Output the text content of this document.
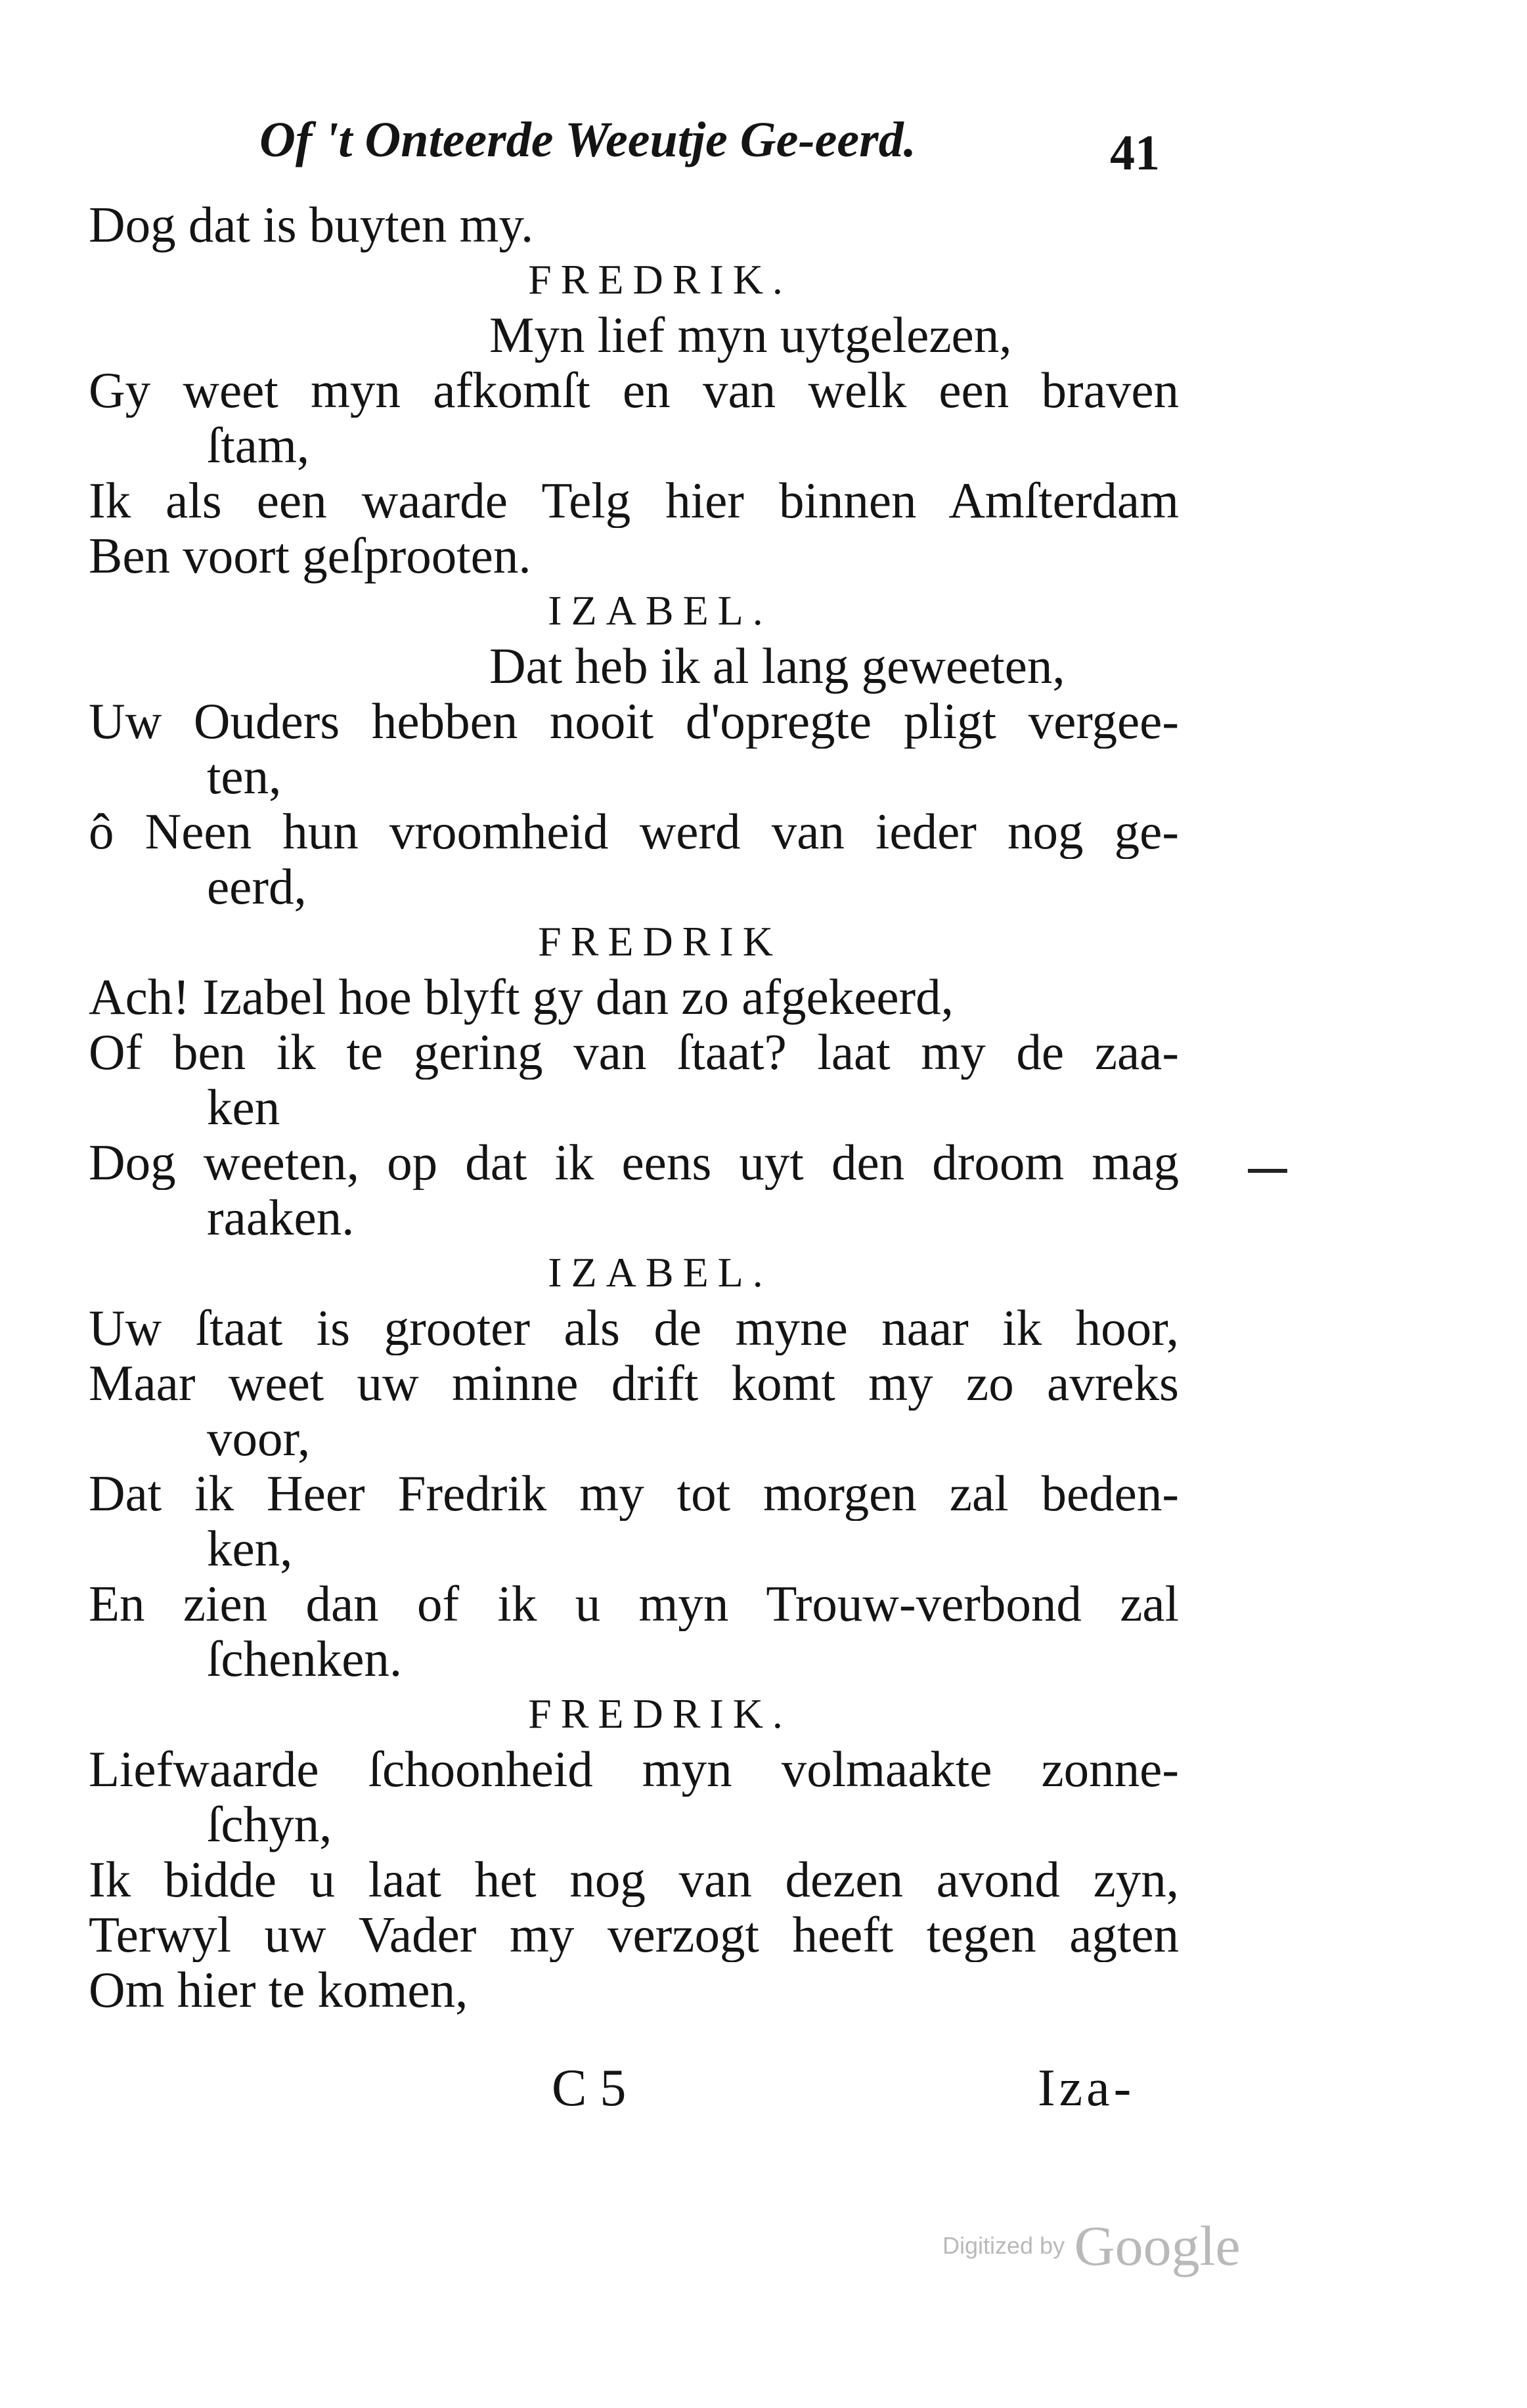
Of 't Onteerde Weeutje Ge-eerd.	41
Dog dat is buyten my.
FREDRIK.
Myn lief myn uytgelezen,
Gy weet myn afkomſt en van welk een braven
ſtam,
Ik als een waarde Telg hier binnen Amſterdam
Ben voort geſprooten.
IZABEL.
Dat heb ik al lang geweeten,
Uw Ouders hebben nooit d'opregte pligt vergee-
ten,
ô Neen hun vroomheid werd van ieder nog ge-
eerd,
FREDRIK
Ach! Izabel hoe blyft gy dan zo afgekeerd,
Of ben ik te gering van ſtaat? laat my de zaa-
ken
Dog weeten, op dat ik eens uyt den droom mag
raaken.
IZABEL.
Uw ſtaat is grooter als de myne naar ik hoor,
Maar weet uw minne drift komt my zo avreks
voor,
Dat ik Heer Fredrik my tot morgen zal beden-
ken,
En zien dan of ik u myn Trouw-verbond zal
ſchenken.
FREDRIK.
Liefwaarde ſchoonheid myn volmaakte zonne-
ſchyn,
Ik bidde u laat het nog van dezen avond zyn,
Terwyl uw Vader my verzogt heeft tegen agten
Om hier te komen,
C 5	Iza-
Digitized by Google
